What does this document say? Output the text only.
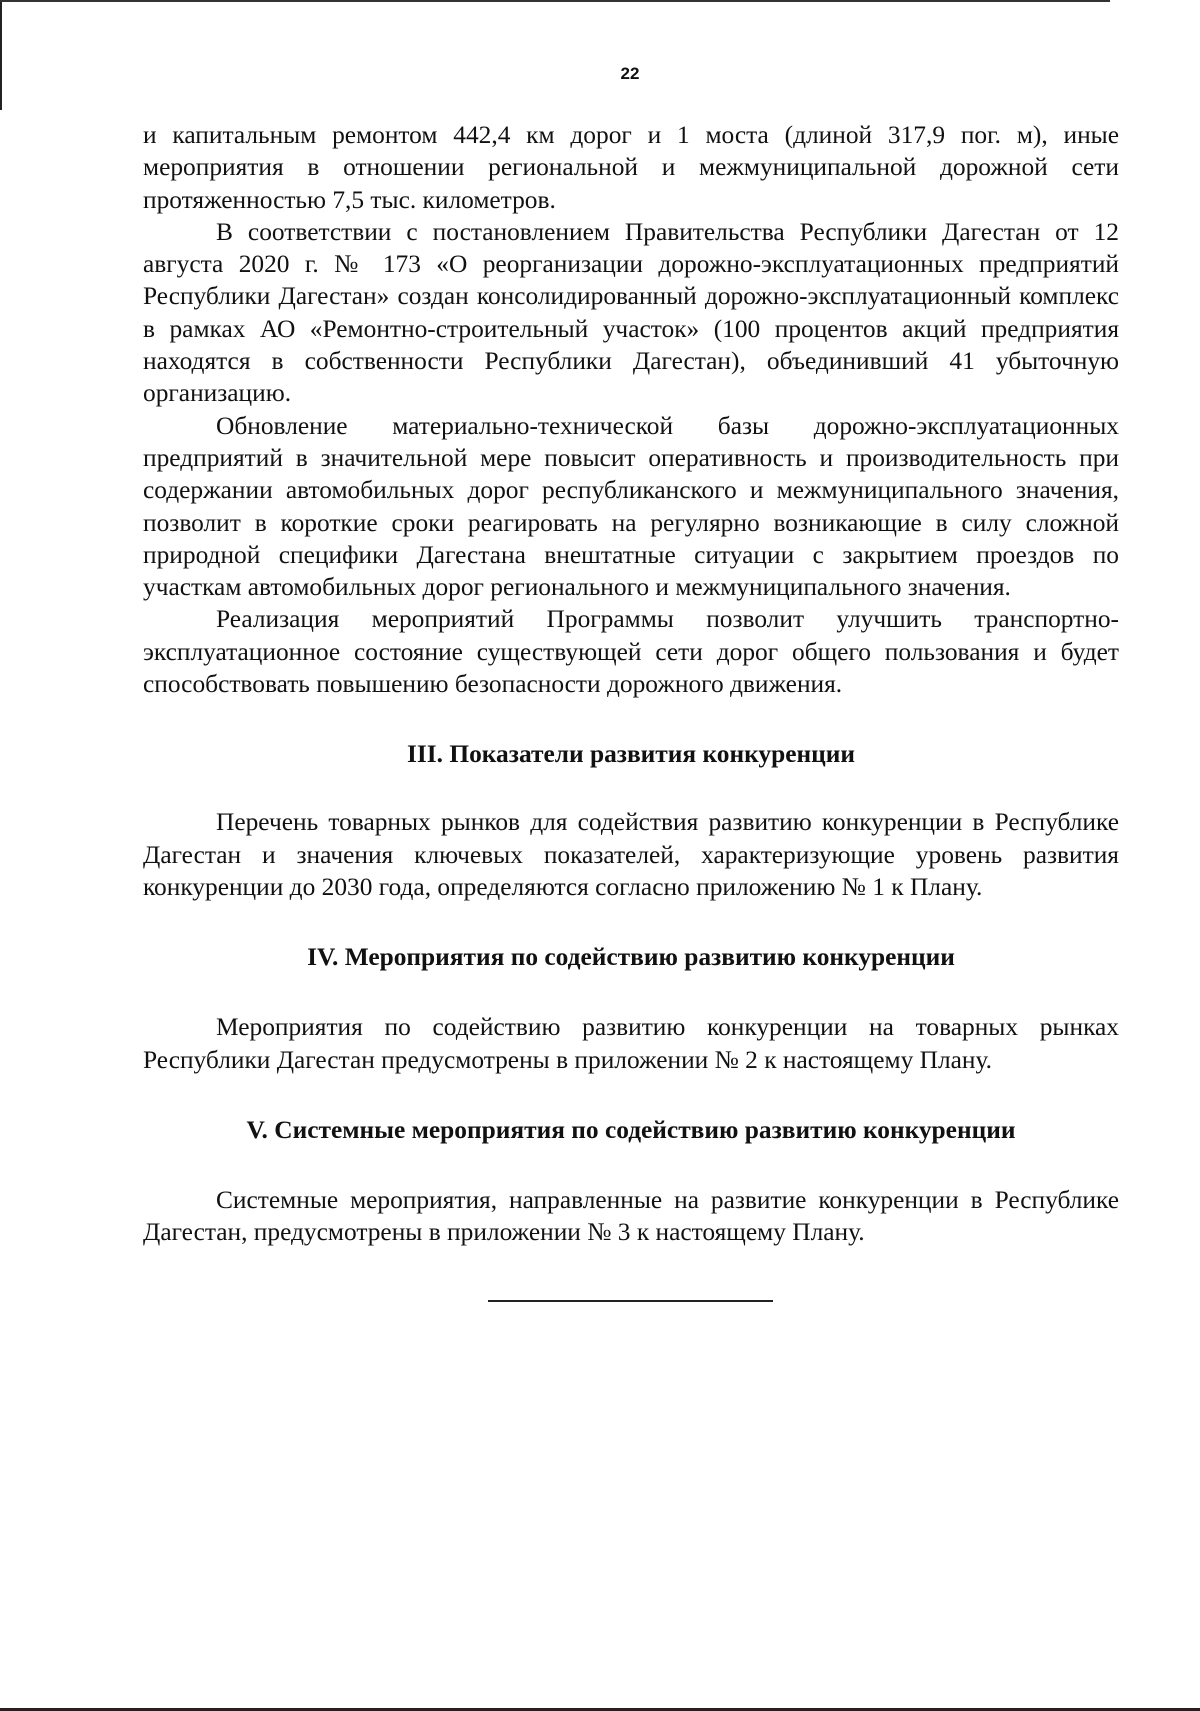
22

и капитальным ремонтом 442,4 км дорог и 1 моста (длиной 317,9 пог. м), иные мероприятия в отношении региональной и межмуниципальной дорожной сети протяженностью 7,5 тыс. километров.

В соответствии с постановлением Правительства Республики Дагестан от 12 августа 2020 г. № 173 «О реорганизации дорожно-эксплуатационных предприятий Республики Дагестан» создан консолидированный дорожно-эксплуатационный комплекс в рамках АО «Ремонтно-строительный участок» (100 процентов акций предприятия находятся в собственности Республики Дагестан), объединивший 41 убыточную организацию.

Обновление материально-технической базы дорожно-эксплуатационных предприятий в значительной мере повысит оперативность и производительность при содержании автомобильных дорог республиканского и межмуниципального значения, позволит в короткие сроки реагировать на регулярно возникающие в силу сложной природной специфики Дагестана внештатные ситуации с закрытием проездов по участкам автомобильных дорог регионального и межмуниципального значения.

Реализация мероприятий Программы позволит улучшить транспортно-эксплуатационное состояние существующей сети дорог общего пользования и будет способствовать повышению безопасности дорожного движения.

III. Показатели развития конкуренции

Перечень товарных рынков для содействия развитию конкуренции в Республике Дагестан и значения ключевых показателей, характеризующие уровень развития конкуренции до 2030 года, определяются согласно приложению № 1 к Плану.

IV. Мероприятия по содействию развитию конкуренции

Мероприятия по содействию развитию конкуренции на товарных рынках Республики Дагестан предусмотрены в приложении № 2 к настоящему Плану.

V. Системные мероприятия по содействию развитию конкуренции

Системные мероприятия, направленные на развитие конкуренции в Республике Дагестан, предусмотрены в приложении № 3 к настоящему Плану.
